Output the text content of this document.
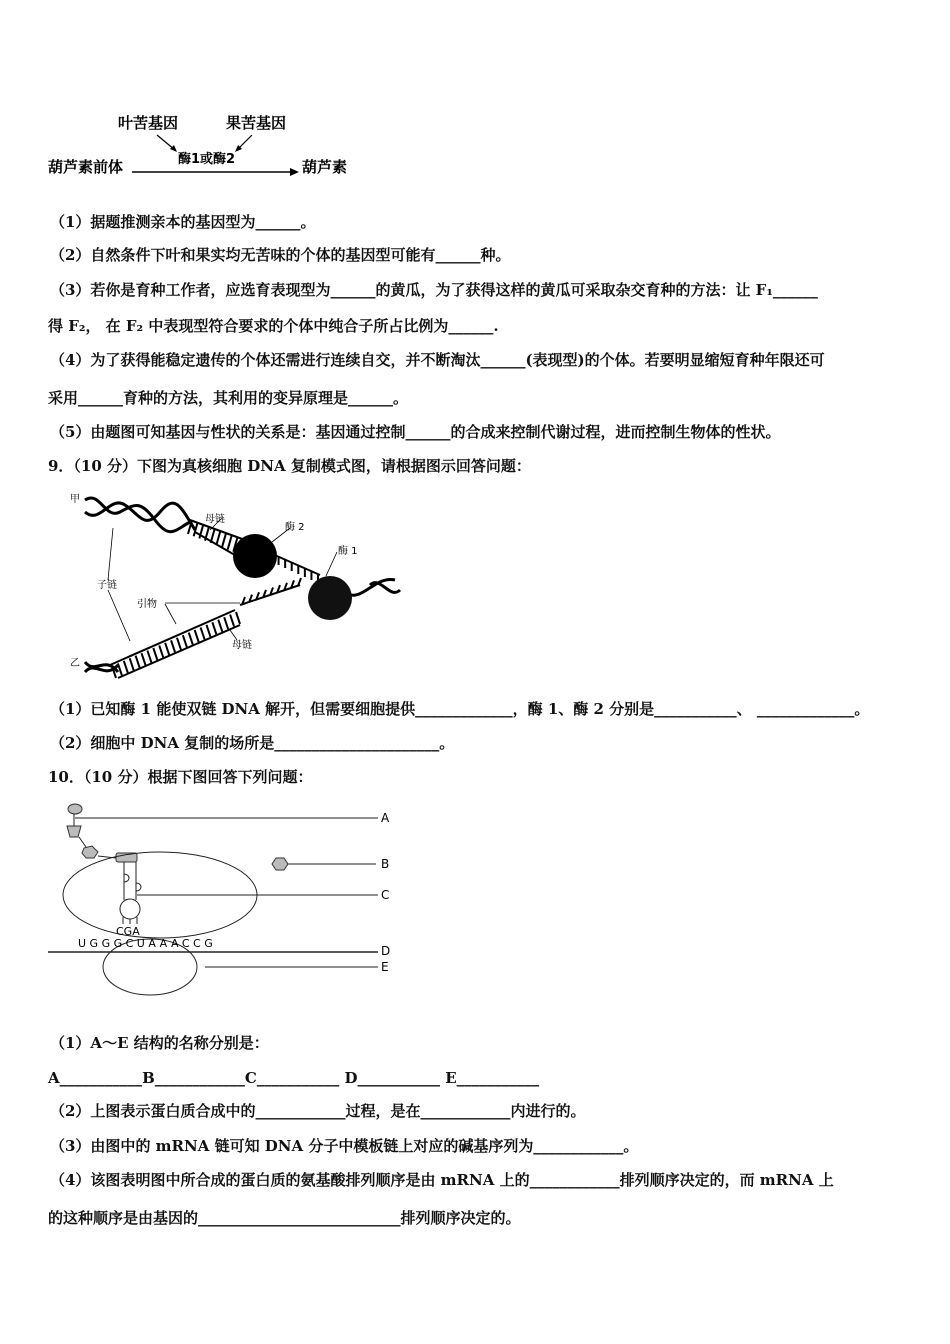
叶苦基因	果苦基因
酶1或酶2
葫芦素前体	葫芦素
（1）据题推测亲本的基因型为______。
（2）自然条件下叶和果实均无苦味的个体的基因型可能有______种。
（3）若你是育种工作者，应选育表现型为______的黄瓜，为了获得这样的黄瓜可采取杂交育种的方法：让 F₁______
得 F₂， 在 F₂ 中表现型符合要求的个体中纯合子所占比例为______.
（4）为了获得能稳定遗传的个体还需进行连续自交，并不断淘汰______(表现型)的个体。若要明显缩短育种年限还可
采用______育种的方法，其利用的变异原理是______。
（5）由题图可知基因与性状的关系是：基因通过控制______的合成来控制代谢过程，进而控制生物体的性状。
9．（10 分）下图为真核细胞 DNA 复制模式图，请根据图示回答问题：
甲
母链
酶 2
酶 1
子链
引物
母链
乙
（1）已知酶 1 能使双链 DNA 解开，但需要细胞提供_____________，酶 1、酶 2 分别是___________、 _____________。
（2）细胞中 DNA 复制的场所是______________________。
10．（10 分）根据下图回答下列问题：
A
B
C
D
E
CGA
UGGGCUAAACCG
（1）A～E 结构的名称分别是：
A___________B____________C___________ D___________ E___________
（2）上图表示蛋白质合成中的____________过程，是在____________内进行的。
（3）由图中的 mRNA 链可知 DNA 分子中模板链上对应的碱基序列为____________。
（4）该图表明图中所合成的蛋白质的氨基酸排列顺序是由 mRNA 上的____________排列顺序决定的，而 mRNA 上
的这种顺序是由基因的___________________________排列顺序决定的。
